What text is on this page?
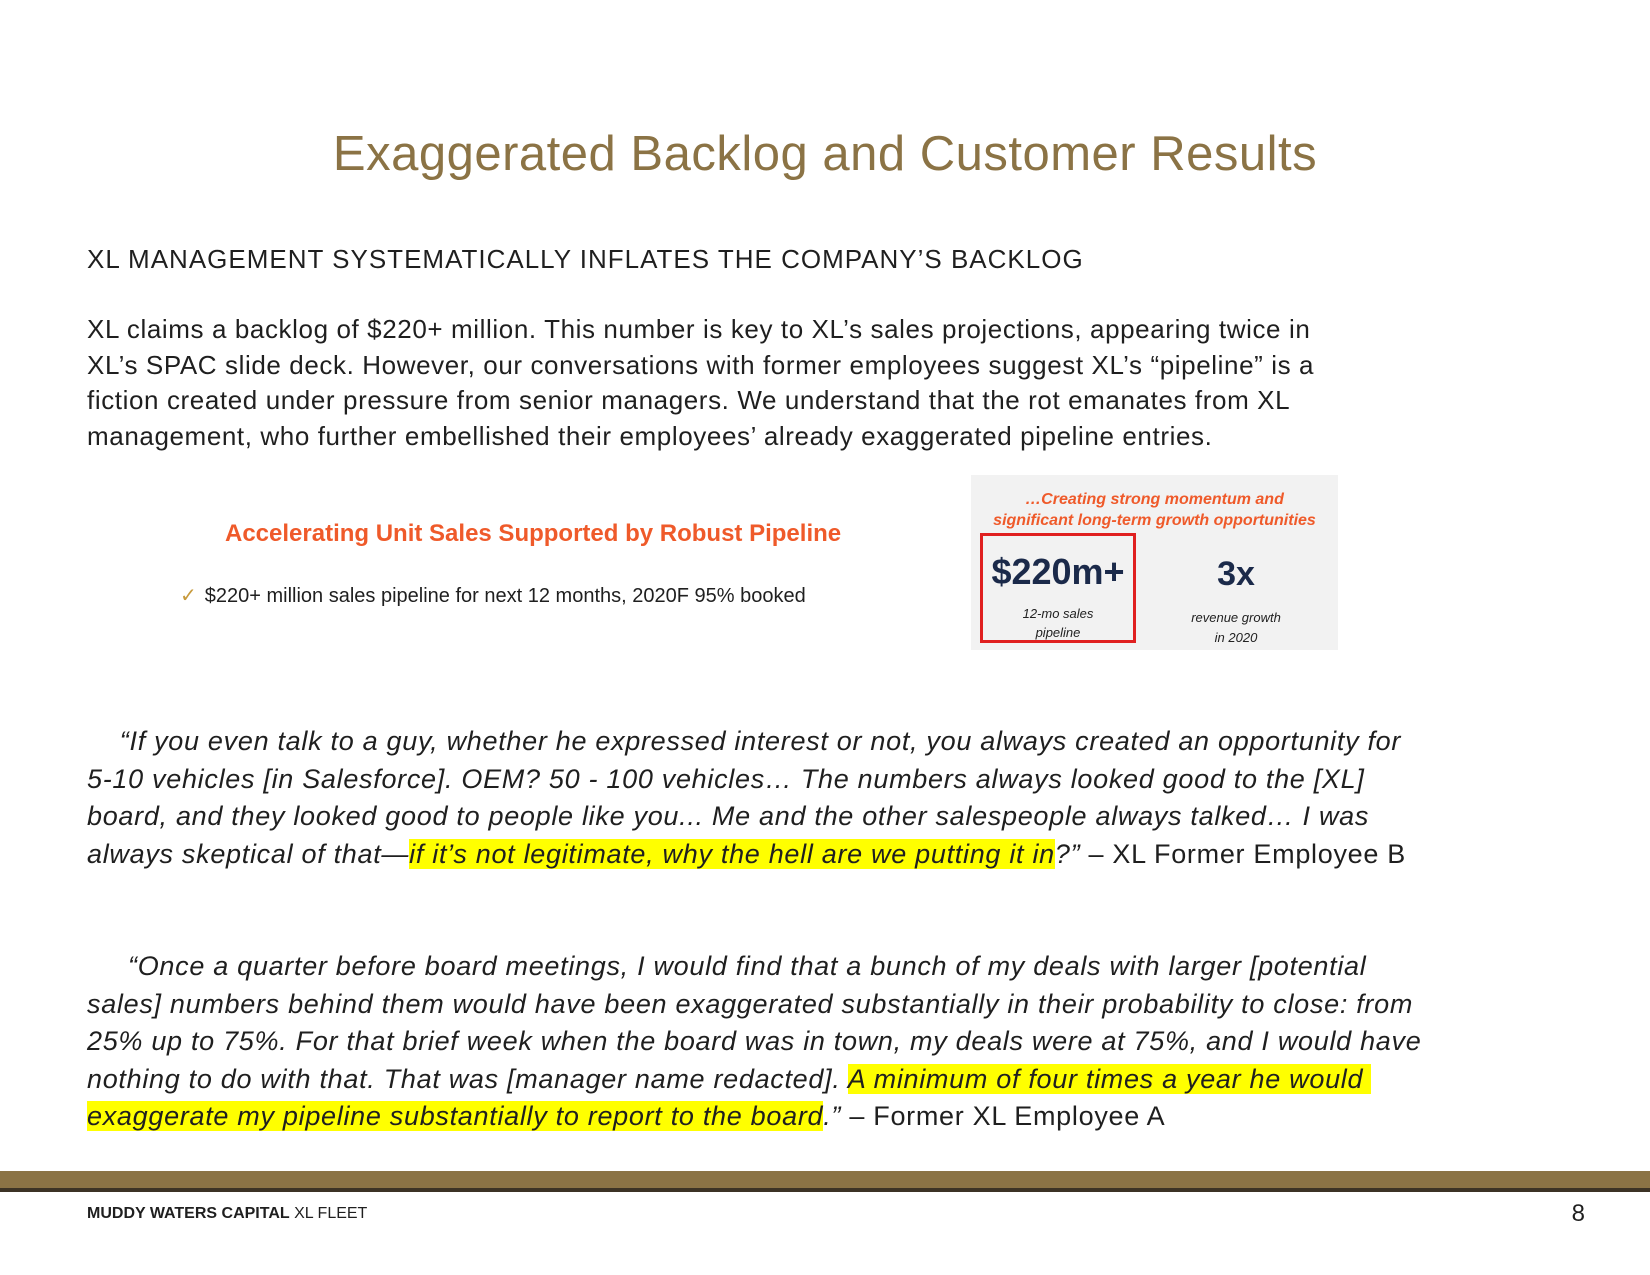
Exaggerated Backlog and Customer Results
XL MANAGEMENT SYSTEMATICALLY INFLATES THE COMPANY’S BACKLOG
XL claims a backlog of $220+ million. This number is key to XL’s sales projections, appearing twice in
XL’s SPAC slide deck. However, our conversations with former employees suggest XL’s “pipeline” is a
fiction created under pressure from senior managers. We understand that the rot emanates from XL
management, who further embellished their employees’ already exaggerated pipeline entries.
Accelerating Unit Sales Supported by Robust Pipeline
✓ $220+ million sales pipeline for next 12 months, 2020F 95% booked
…Creating strong momentum and
significant long-term growth opportunities
$220m+
12-mo sales
pipeline
3x
revenue growth
in 2020
“If you even talk to a guy, whether he expressed interest or not, you always created an opportunity for
5-10 vehicles [in Salesforce]. OEM? 50 - 100 vehicles… The numbers always looked good to the [XL]
board, and they looked good to people like you... Me and the other salespeople always talked… I was
always skeptical of that—if it’s not legitimate, why the hell are we putting it in?” – XL Former Employee B
“Once a quarter before board meetings, I would find that a bunch of my deals with larger [potential
sales] numbers behind them would have been exaggerated substantially in their probability to close: from
25% up to 75%. For that brief week when the board was in town, my deals were at 75%, and I would have
nothing to do with that. That was [manager name redacted]. A minimum of four times a year he would
exaggerate my pipeline substantially to report to the board.” – Former XL Employee A
MUDDY WATERS CAPITAL XL FLEET	8
